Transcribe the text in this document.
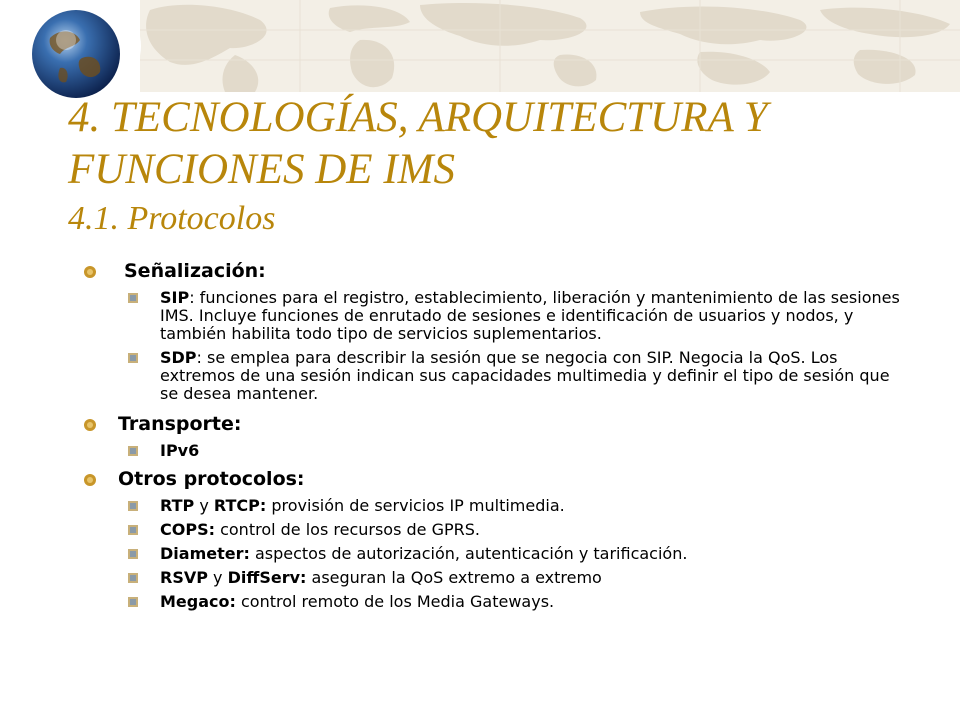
4. TECNOLOGÍAS, ARQUITECTURA Y
FUNCIONES DE IMS
4.1. Protocolos
Señalización:
SIP: funciones para el registro, establecimiento, liberación y mantenimiento de las sesiones IMS. Incluye funciones de enrutado de sesiones e identificación de usuarios y nodos, y también habilita todo tipo de servicios suplementarios.
SDP: se emplea para describir la sesión que se negocia con SIP. Negocia la QoS. Los extremos de una sesión indican sus capacidades multimedia y definir el tipo de sesión que se desea mantener.
Transporte:
IPv6
Otros protocolos:
RTP y RTCP: provisión de servicios IP multimedia.
COPS: control de los recursos de GPRS.
Diameter: aspectos de autorización, autenticación y tarificación.
RSVP y DiffServ: aseguran la QoS extremo a extremo
Megaco: control remoto de los Media Gateways.
